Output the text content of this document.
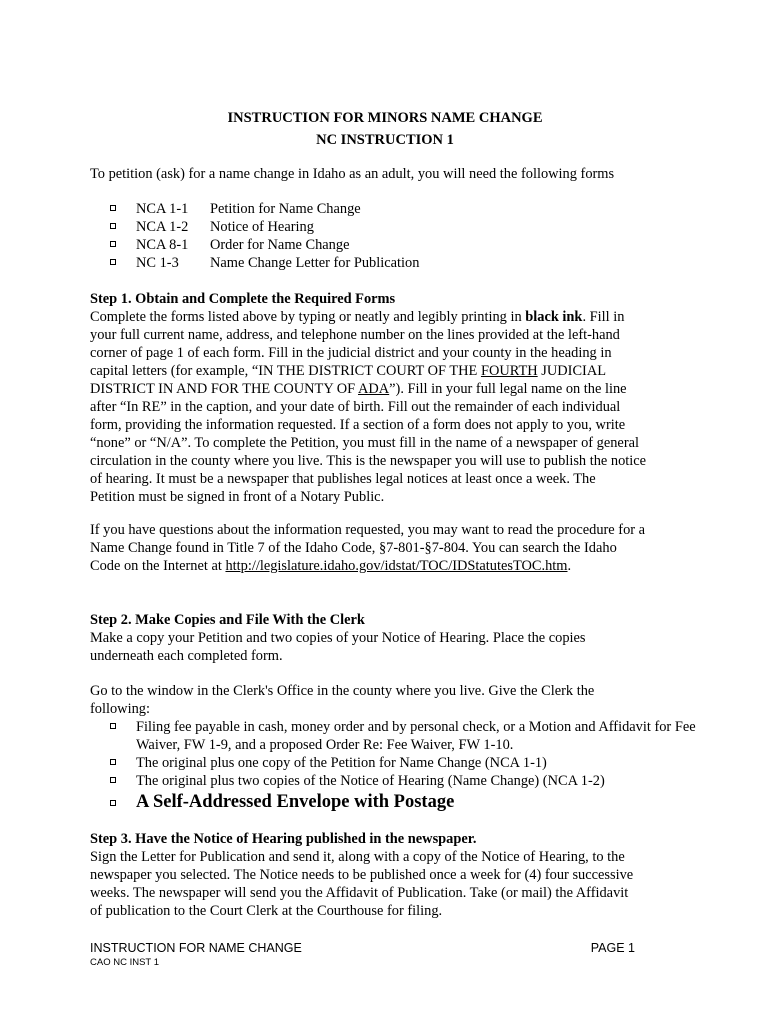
INSTRUCTION FOR MINORS NAME CHANGE
NC INSTRUCTION 1
To petition (ask) for a name change in Idaho as an adult, you will need the following forms
NCA 1-1 Petition for Name Change
NCA 1-2 Notice of Hearing
NCA 8-1 Order for Name Change
NC 1-3 Name Change Letter for Publication
Step 1. Obtain and Complete the Required Forms
Complete the forms listed above by typing or neatly and legibly printing in black ink. Fill in
your full current name, address, and telephone number on the lines provided at the left-hand
corner of page 1 of each form. Fill in the judicial district and your county in the heading in
capital letters (for example, “IN THE DISTRICT COURT OF THE FOURTH JUDICIAL
DISTRICT IN AND FOR THE COUNTY OF ADA”). Fill in your full legal name on the line
after “In RE” in the caption, and your date of birth. Fill out the remainder of each individual
form, providing the information requested. If a section of a form does not apply to you, write
“none” or “N/A”. To complete the Petition, you must fill in the name of a newspaper of general
circulation in the county where you live. This is the newspaper you will use to publish the notice
of hearing. It must be a newspaper that publishes legal notices at least once a week. The
Petition must be signed in front of a Notary Public.
If you have questions about the information requested, you may want to read the procedure for a
Name Change found in Title 7 of the Idaho Code, §7-801-§7-804. You can search the Idaho
Code on the Internet at http://legislature.idaho.gov/idstat/TOC/IDStatutesTOC.htm.
Step 2. Make Copies and File With the Clerk
Make a copy your Petition and two copies of your Notice of Hearing. Place the copies
underneath each completed form.
Go to the window in the Clerk's Office in the county where you live. Give the Clerk the
following:
Filing fee payable in cash, money order and by personal check, or a Motion and Affidavit for Fee Waiver, FW 1-9, and a proposed Order Re: Fee Waiver, FW 1-10.
The original plus one copy of the Petition for Name Change (NCA 1-1)
The original plus two copies of the Notice of Hearing (Name Change) (NCA 1-2)
A Self-Addressed Envelope with Postage
Step 3. Have the Notice of Hearing published in the newspaper.
Sign the Letter for Publication and send it, along with a copy of the Notice of Hearing, to the
newspaper you selected. The Notice needs to be published once a week for (4) four successive
weeks. The newspaper will send you the Affidavit of Publication. Take (or mail) the Affidavit
of publication to the Court Clerk at the Courthouse for filing.
INSTRUCTION FOR NAME CHANGE	PAGE 1
CAO NC INST 1
